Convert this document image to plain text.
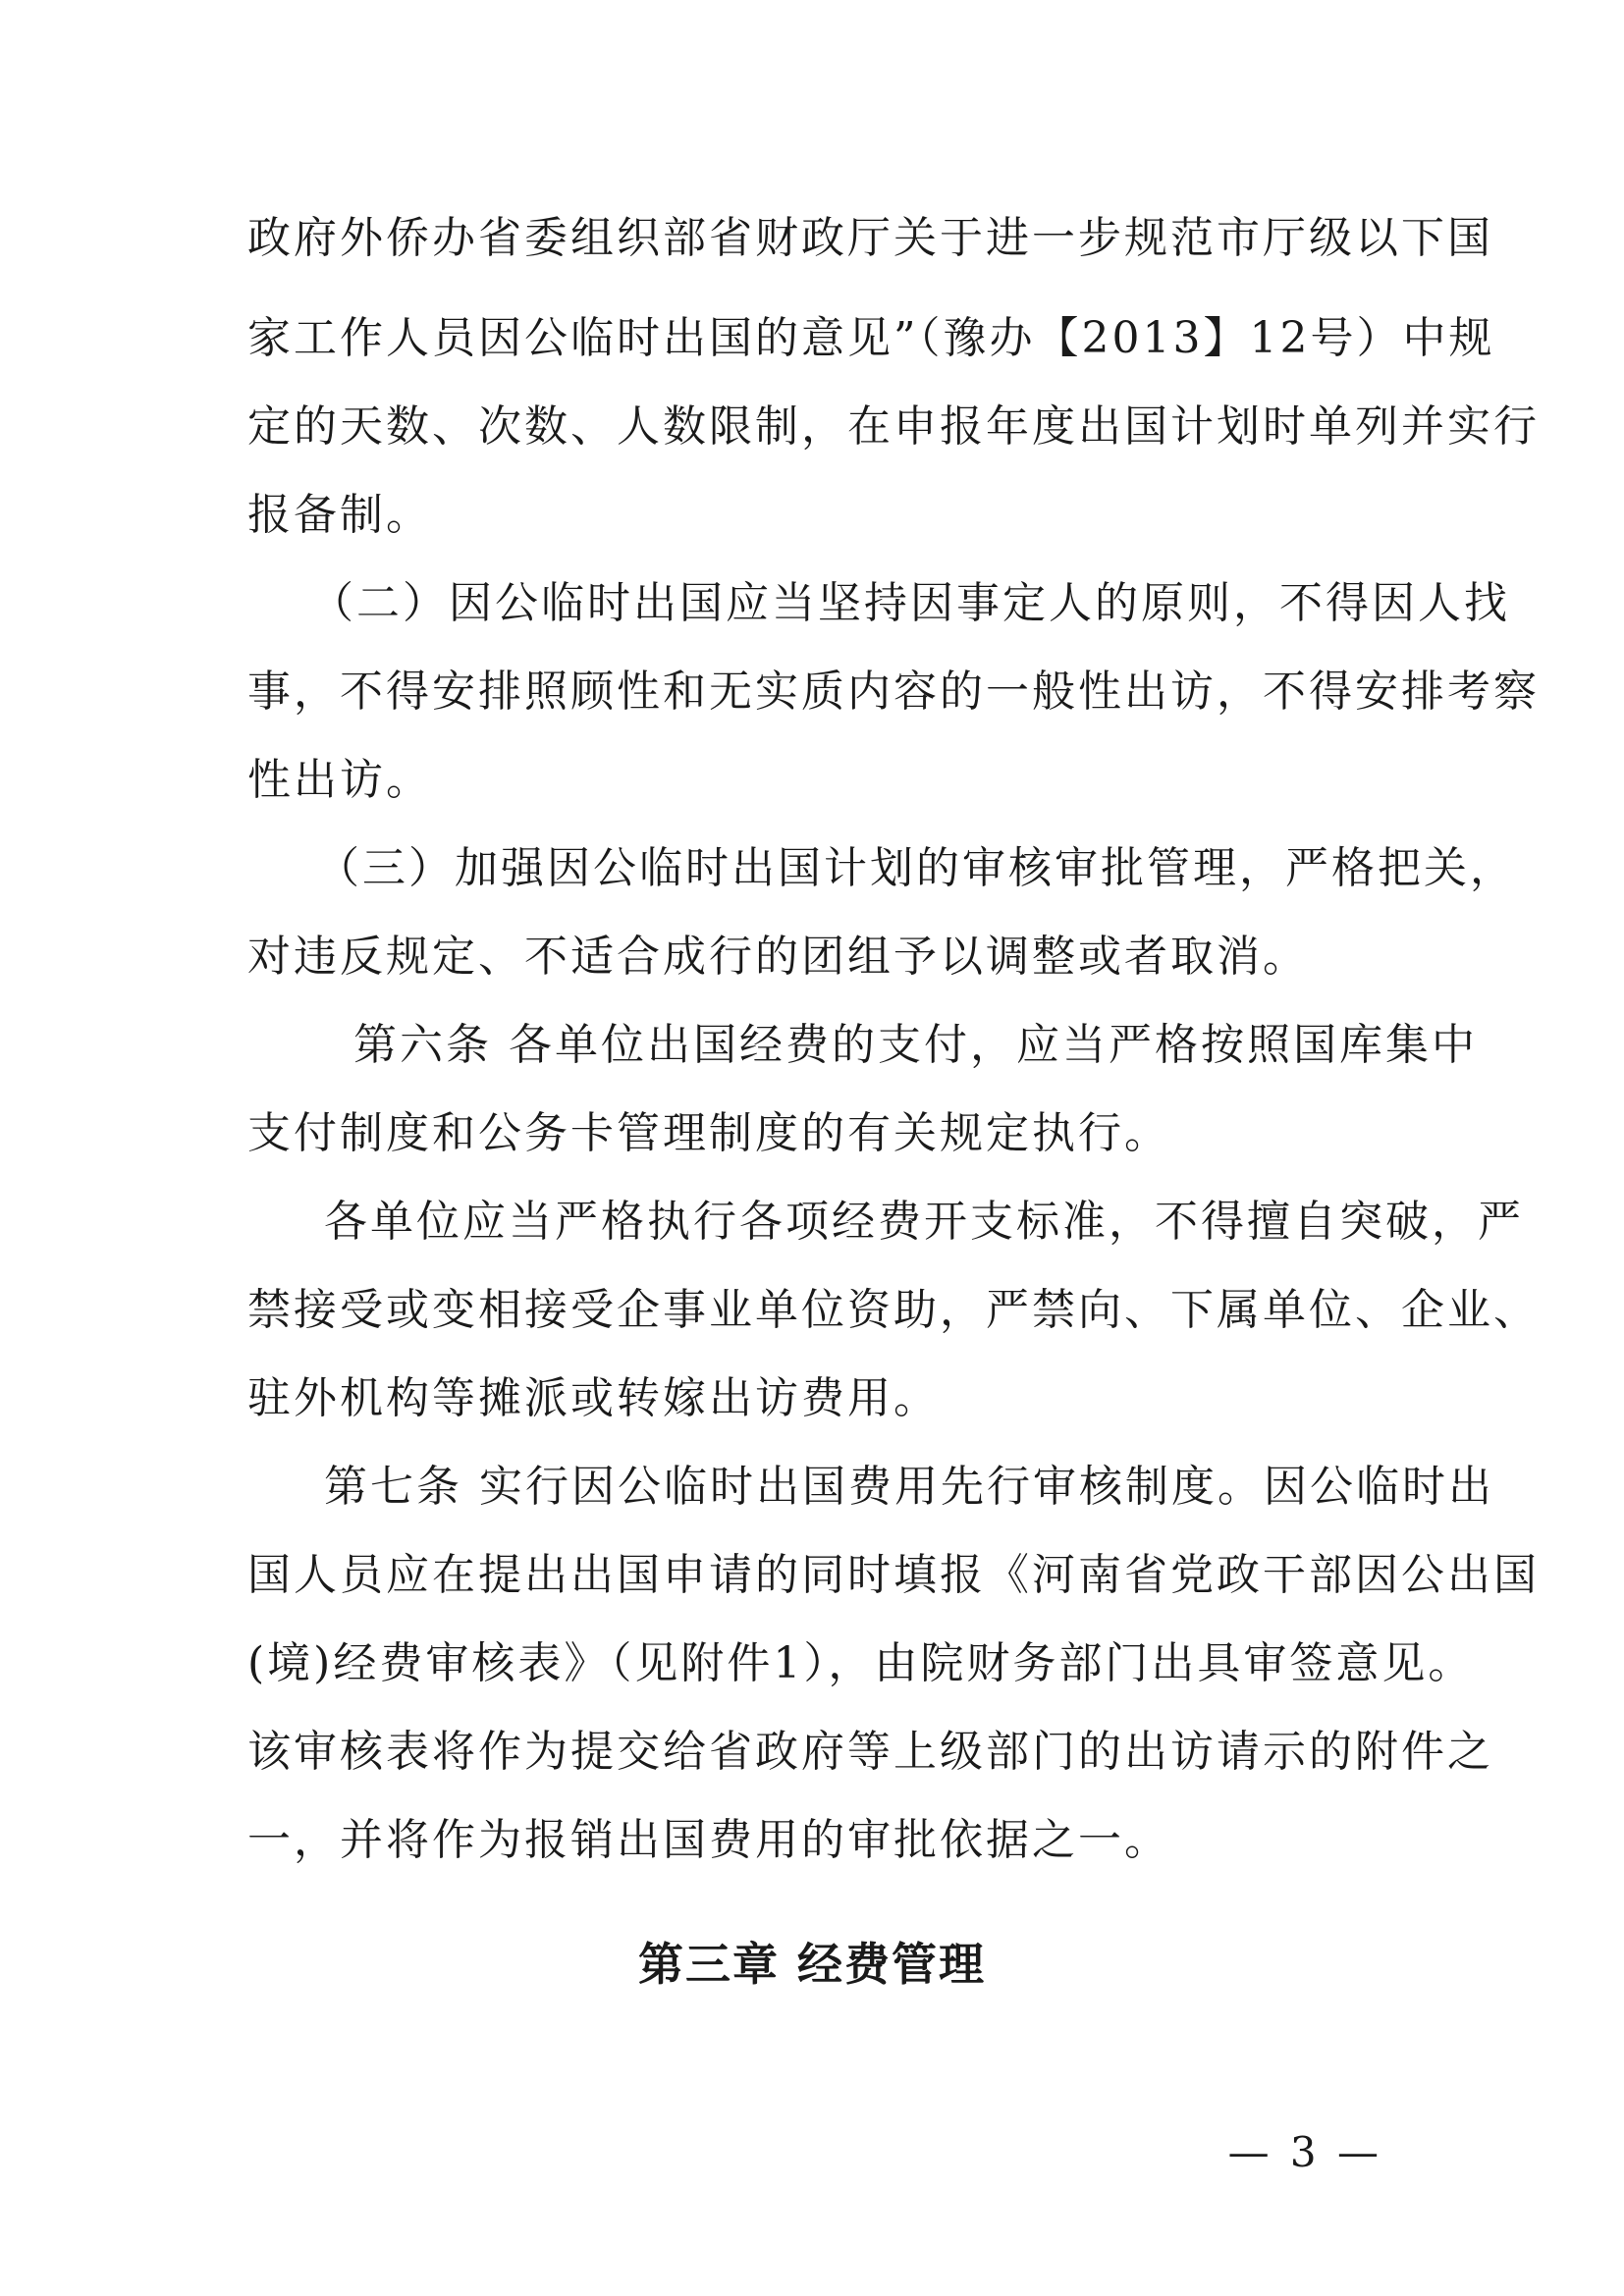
政府外侨办省委组织部省财政厅关于进一步规范市厅级以下国
家工作人员因公临时出国的意见”（豫办【2013】12号）中规
定的天数、次数、人数限制，在申报年度出国计划时单列并实行
报备制。
（二）因公临时出国应当坚持因事定人的原则，不得因人找
事，不得安排照顾性和无实质内容的一般性出访，不得安排考察
性出访。
（三）加强因公临时出国计划的审核审批管理，严格把关，
对违反规定、不适合成行的团组予以调整或者取消。
第六条 各单位出国经费的支付，应当严格按照国库集中
支付制度和公务卡管理制度的有关规定执行。
各单位应当严格执行各项经费开支标准，不得擅自突破，严
禁接受或变相接受企事业单位资助，严禁向、下属单位、企业、
驻外机构等摊派或转嫁出访费用。
第七条 实行因公临时出国费用先行审核制度。因公临时出
国人员应在提出出国申请的同时填报《河南省党政干部因公出国
(境)经费审核表》（见附件1），由院财务部门出具审签意见。
该审核表将作为提交给省政府等上级部门的出访请示的附件之
一，并将作为报销出国费用的审批依据之一。
第三章 经费管理
— 3 —
